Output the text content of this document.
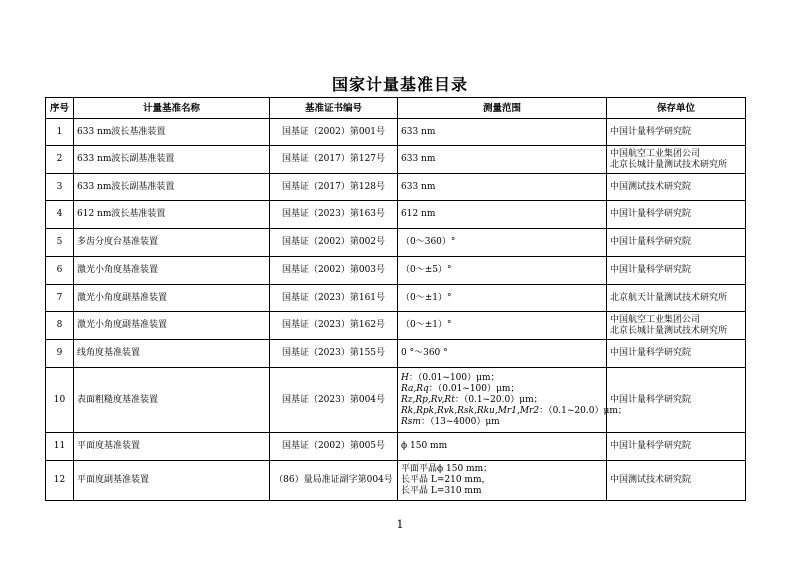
国家计量基准目录
序号	计量基准名称	基准证书编号	测量范围	保存单位
1	633 nm波长基准装置	国基证（2002）第001号	633 nm	中国计量科学研究院

2	633 nm波长副基准装置	国基证（2017）第127号	633 nm	中国航空工业集团公司
北京长城计量测试技术研究所

3	633 nm波长副基准装置	国基证（2017）第128号	633 nm	中国测试技术研究院

4	612 nm波长基准装置	国基证（2023）第163号	612 nm	中国计量科学研究院

5	多齿分度台基准装置	国基证（2002）第002号	（0～360）°	中国计量科学研究院

6	激光小角度基准装置	国基证（2002）第003号	（0～±5）°	中国计量科学研究院

7	激光小角度副基准装置	国基证（2023）第161号	（0～±1）°	北京航天计量测试技术研究所

8	激光小角度副基准装置	国基证（2023）第162号	（0～±1）°	中国航空工业集团公司
北京长城计量测试技术研究所

9	线角度基准装置	国基证（2023）第155号	0 °～360 °	中国计量科学研究院

10	表面粗糙度基准装置	国基证（2023）第004号	H：（0.01~100）μm；
Ra,Rq：（0.01~100）μm；
Rz,Rp,Rv,Rt：（0.1~20.0）μm；
Rk,Rpk,Rvk,Rsk,Rku,Mr1,Mr2：（0.1~20.0）μm；
Rsm：（13~4000）μm	中国计量科学研究院

11	平面度基准装置	国基证（2002）第005号	ϕ 150 mm	中国计量科学研究院

12	平面度副基准装置	（86）量局准证副字第004号	平面平晶ϕ 150 mm；
长平晶 L=210 mm，
长平晶 L=310 mm	中国测试技术研究院
1
